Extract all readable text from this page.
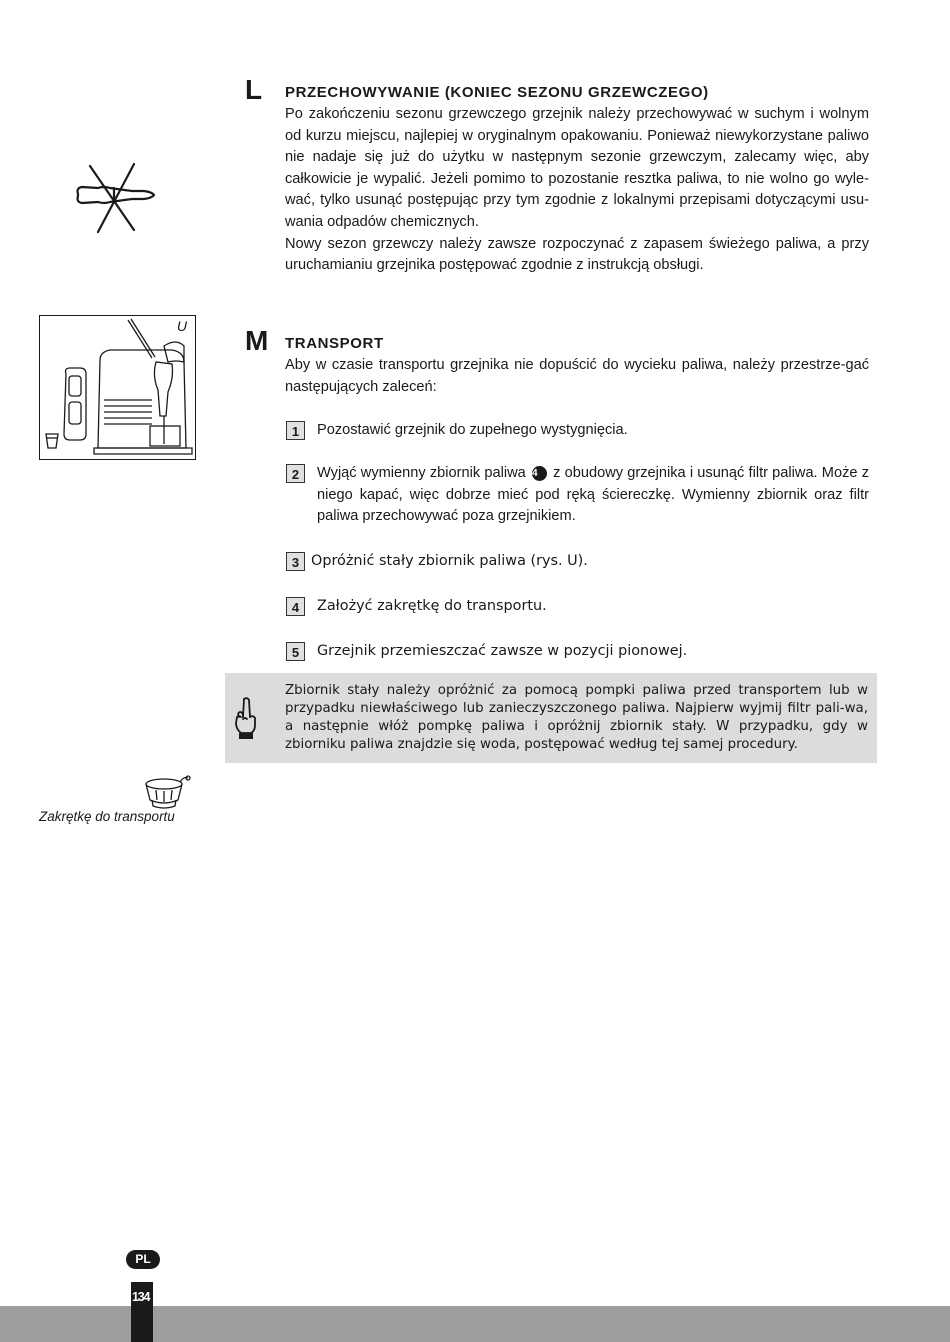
L PRZECHOWYWANIE (KONIEC SEZONU GRZEWCZEGO)

Po zakończeniu sezonu grzewczego grzejnik należy przechowywać w suchym i wolnym od kurzu miejscu, najlepiej w oryginalnym opakowaniu. Ponieważ niewykorzystane paliwo nie nadaje się już do użytku w następnym sezonie grzewczym, zalecamy więc, aby całkowicie je wypalić. Jeżeli pomimo to pozostanie resztka paliwa, to nie wolno go wyle-wać, tylko usunąć postępując przy tym zgodnie z lokalnymi przepisami dotyczącymi usu-wania odpadów chemicznych.

Nowy sezon grzewczy należy zawsze rozpoczynać z zapasem świeżego paliwa, a przy uruchamianiu grzejnika postępować zgodnie z instrukcją obsługi.

U M TRANSPORT
Aby w czasie transportu grzejnika nie dopuścić do wycieku paliwa, należy przestrze-gać następujących zaleceń:
1	Pozostawić grzejnik do zupełnego wystygnięcia.
2	Wyjąć wymienny zbiornik paliwa 4 z obudowy grzejnika i usunąć filtr paliwa. Może z niego kapać, więc dobrze mieć pod ręką ściereczkę. Wymienny zbiornik oraz filtr paliwa przechowywać poza grzejnikiem.
3 Opróżnić stały zbiornik paliwa (rys. U).
4	Założyć zakrętkę do transportu.
5	Grzejnik przemieszczać zawsze w pozycji pionowej.
Zbiornik stały należy opróżnić za pomocą pompki paliwa przed transportem lub w przypadku niewłaściwego lub zanieczyszczonego paliwa. Najpierw wyjmij filtr pali-wa, a następnie włóż pompkę paliwa i opróżnij zbiornik stały. W przypadku, gdy w zbiorniku paliwa znajdzie się woda, postępować według tej samej procedury.
Zakrętkę do transportu
PL
134
